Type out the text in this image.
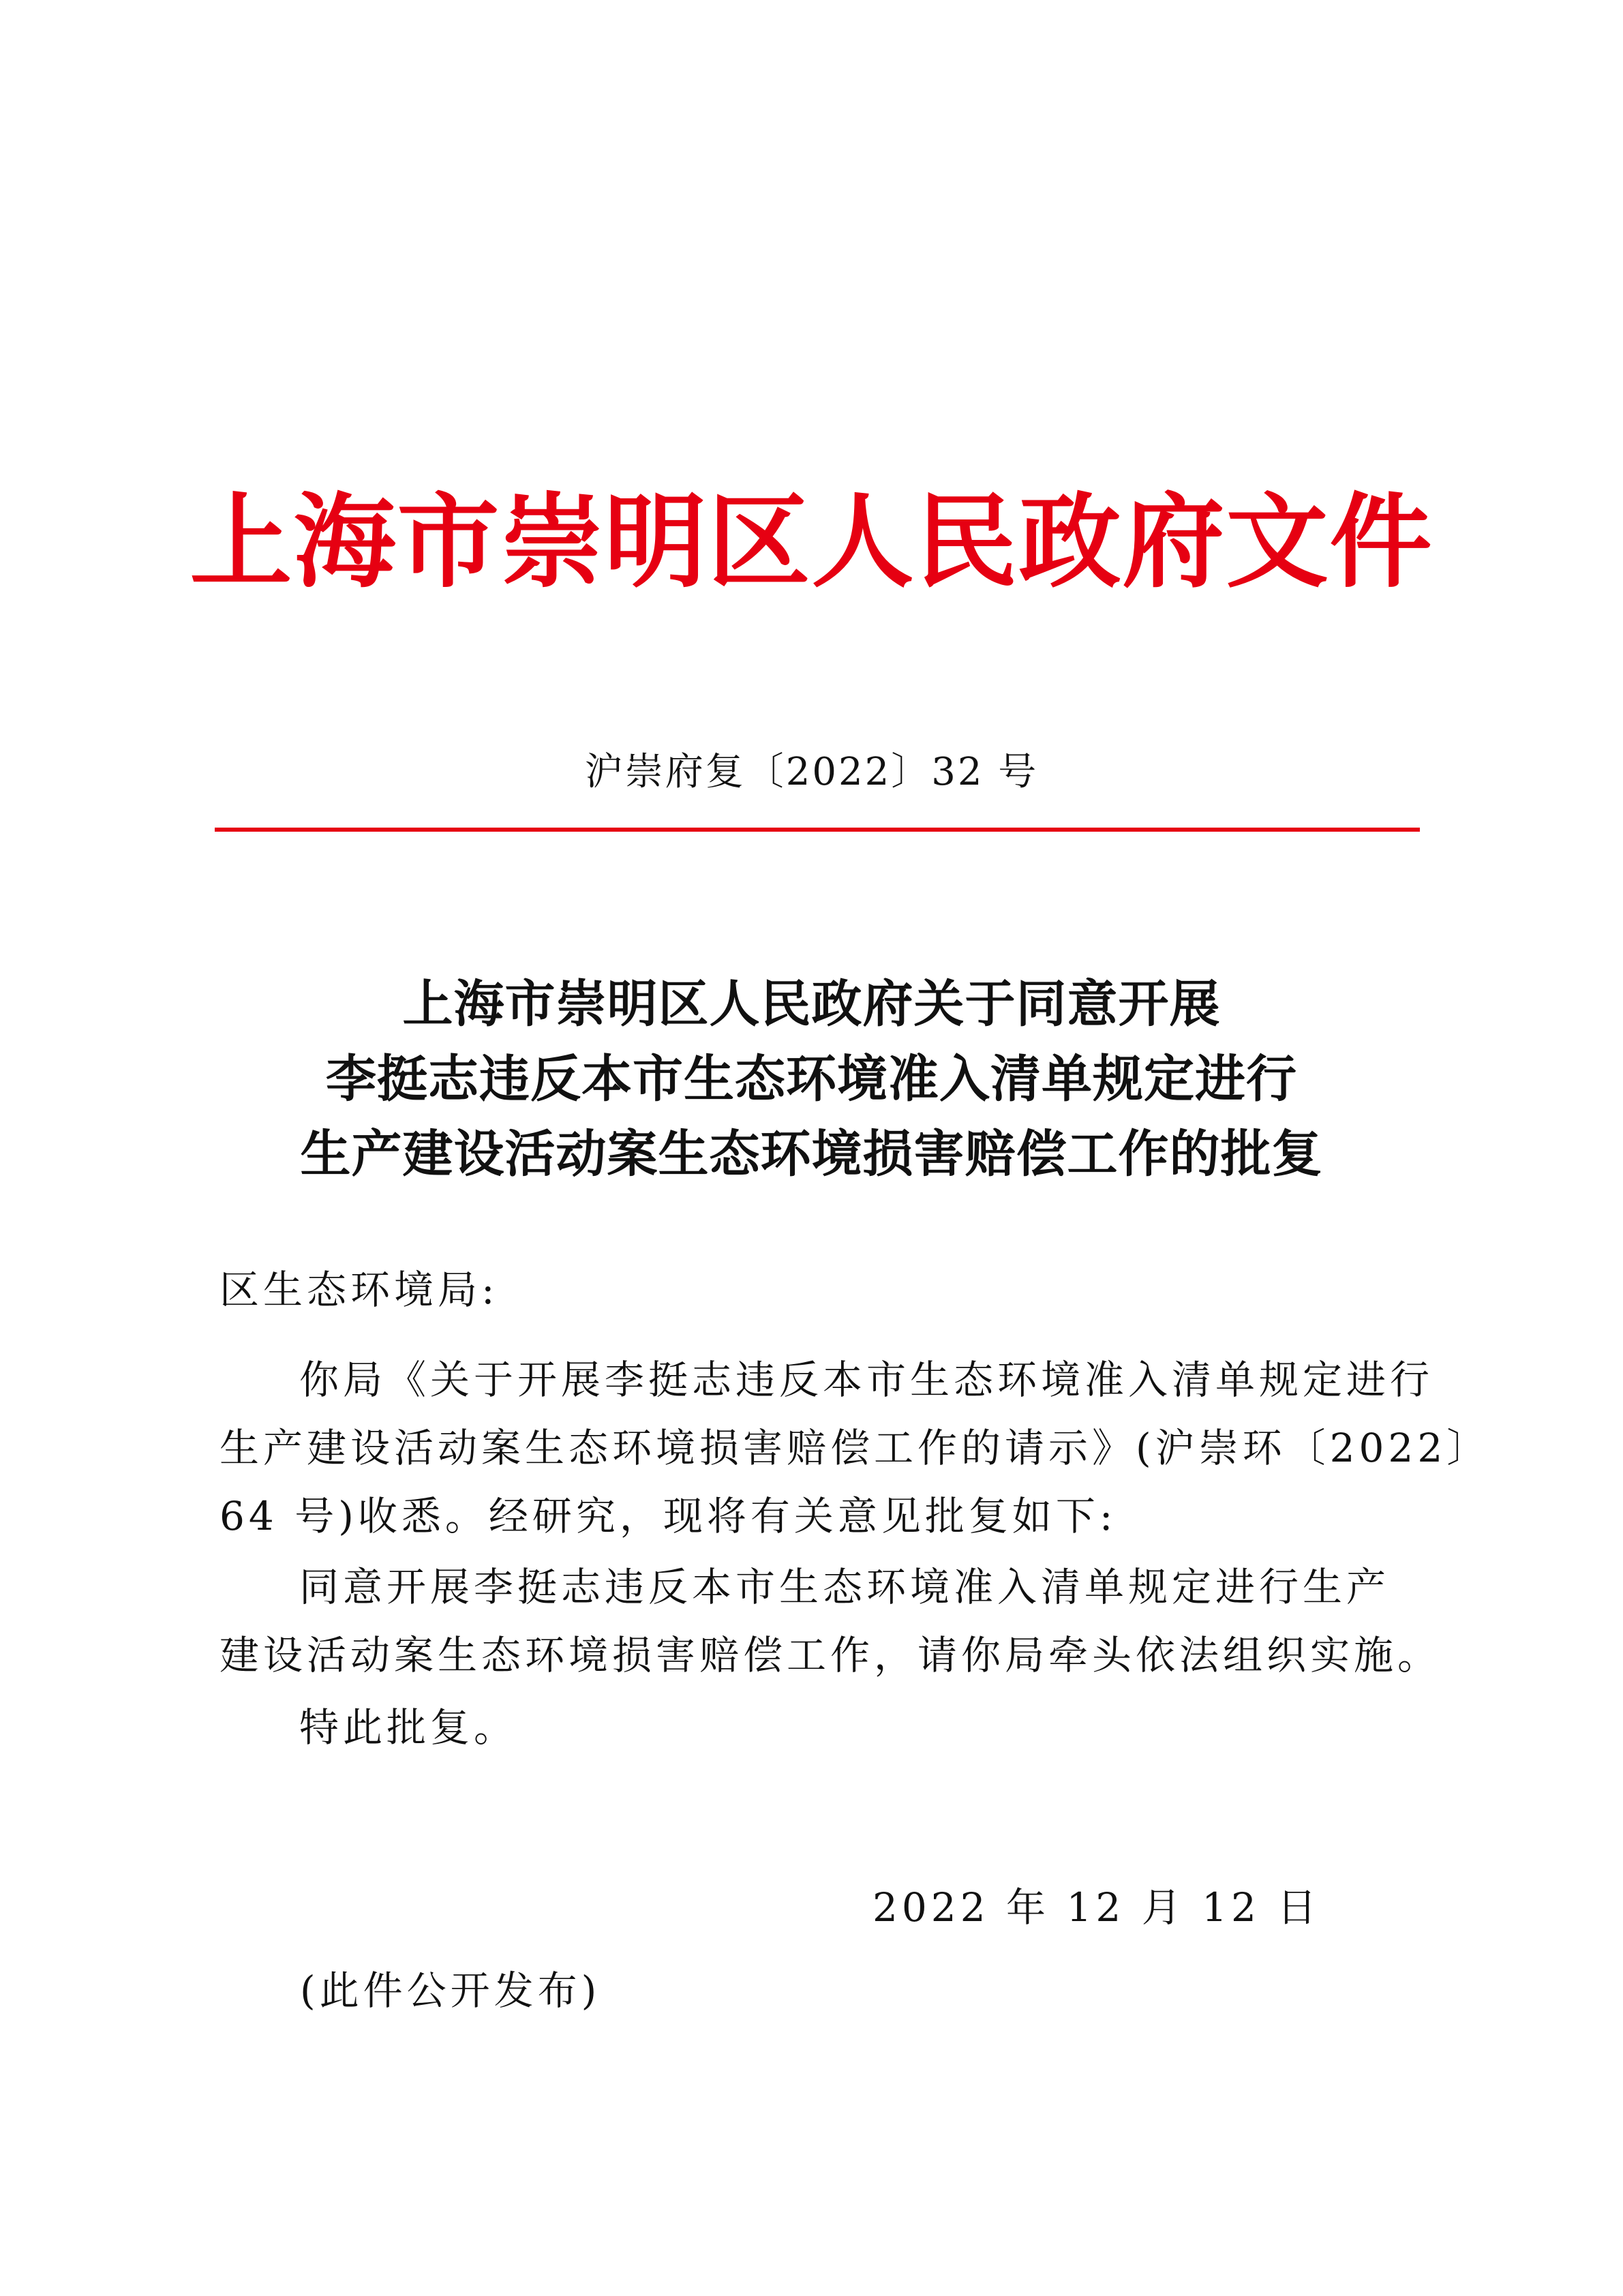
上海市崇明区人民政府文件
沪崇府复〔2022〕32 号
上海市崇明区人民政府关于同意开展
李挺志违反本市生态环境准入清单规定进行
生产建设活动案生态环境损害赔偿工作的批复
区生态环境局:
你局《关于开展李挺志违反本市生态环境准入清单规定进行
生产建设活动案生态环境损害赔偿工作的请示》(沪崇环〔2022〕
64 号)收悉。经研究，现将有关意见批复如下:
同意开展李挺志违反本市生态环境准入清单规定进行生产
建设活动案生态环境损害赔偿工作，请你局牵头依法组织实施。
特此批复。
2022 年 12 月 12 日
(此件公开发布)
